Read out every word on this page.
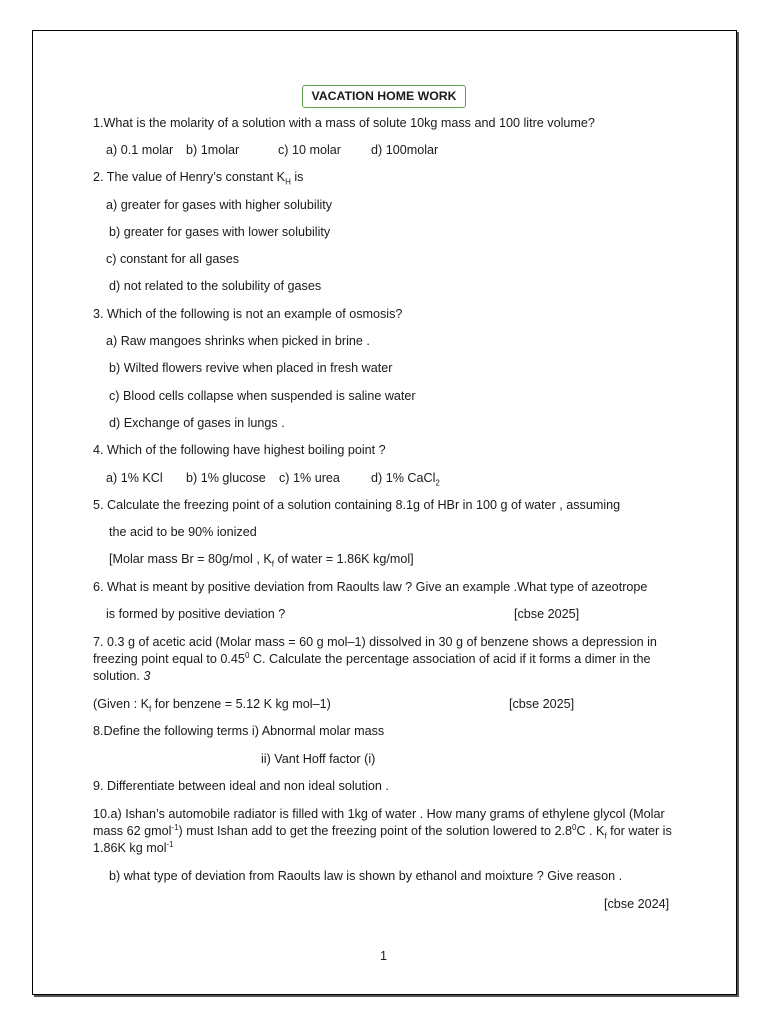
VACATION HOME WORK
1.What is the molarity of a solution with a mass of solute 10kg mass and 100 litre volume?
a) 0.1 molar b) 1molar	c) 10 molar d) 100molar
2. The value of Henry’s constant $K_H$ is
a) greater for gases with higher solubility
b) greater for gases with lower solubility
c) constant for all gases
d) not related to the solubility of gases
3. Which of the following is not an example of osmosis?
a) Raw mangoes shrinks when picked in brine .
b) Wilted flowers revive when placed in fresh water
c) Blood cells collapse when suspended is saline water
d) Exchange of gases in lungs .
4. Which of the following have highest boiling point ?
a) 1% KCl b) 1% glucose c) 1% urea d) 1% CaCl$_2$
5. Calculate the freezing point of a solution containing 8.1g of HBr in 100 g of water , assuming
the acid to be 90% ionized
[Molar mass Br = 80g/mol , $K_f$ of water = 1.86K kg/mol]
6. What is meant by positive deviation from Raoults law ? Give an example .What type of azeotrope
is formed by positive deviation ?	[cbse 2025]
7. 0.3 g of acetic acid (Molar mass = 60 g mol–1) dissolved in 30 g of benzene shows a depression in freezing point equal to 0.45$^0$ C. Calculate the percentage association of acid if it forms a dimer in the solution. 3
(Given : $K_f$ for benzene = 5.12 K kg mol–1)	[cbse 2025]
8.Define the following terms i) Abnormal molar mass
ii) Vant Hoff factor (i)
9. Differentiate between ideal and non ideal solution .
10.a) Ishan’s automobile radiator is filled with 1kg of water . How many grams of ethylene glycol (Molar mass 62 gmol$^{-1}$) must Ishan add to get the freezing point of the solution lowered to $2.8^0C$ . $K_f$ for water is 1.86K kg mol$^{-1}$
b) what type of deviation from Raoults law is shown by ethanol and moixture ? Give reason .
[cbse 2024]
1
